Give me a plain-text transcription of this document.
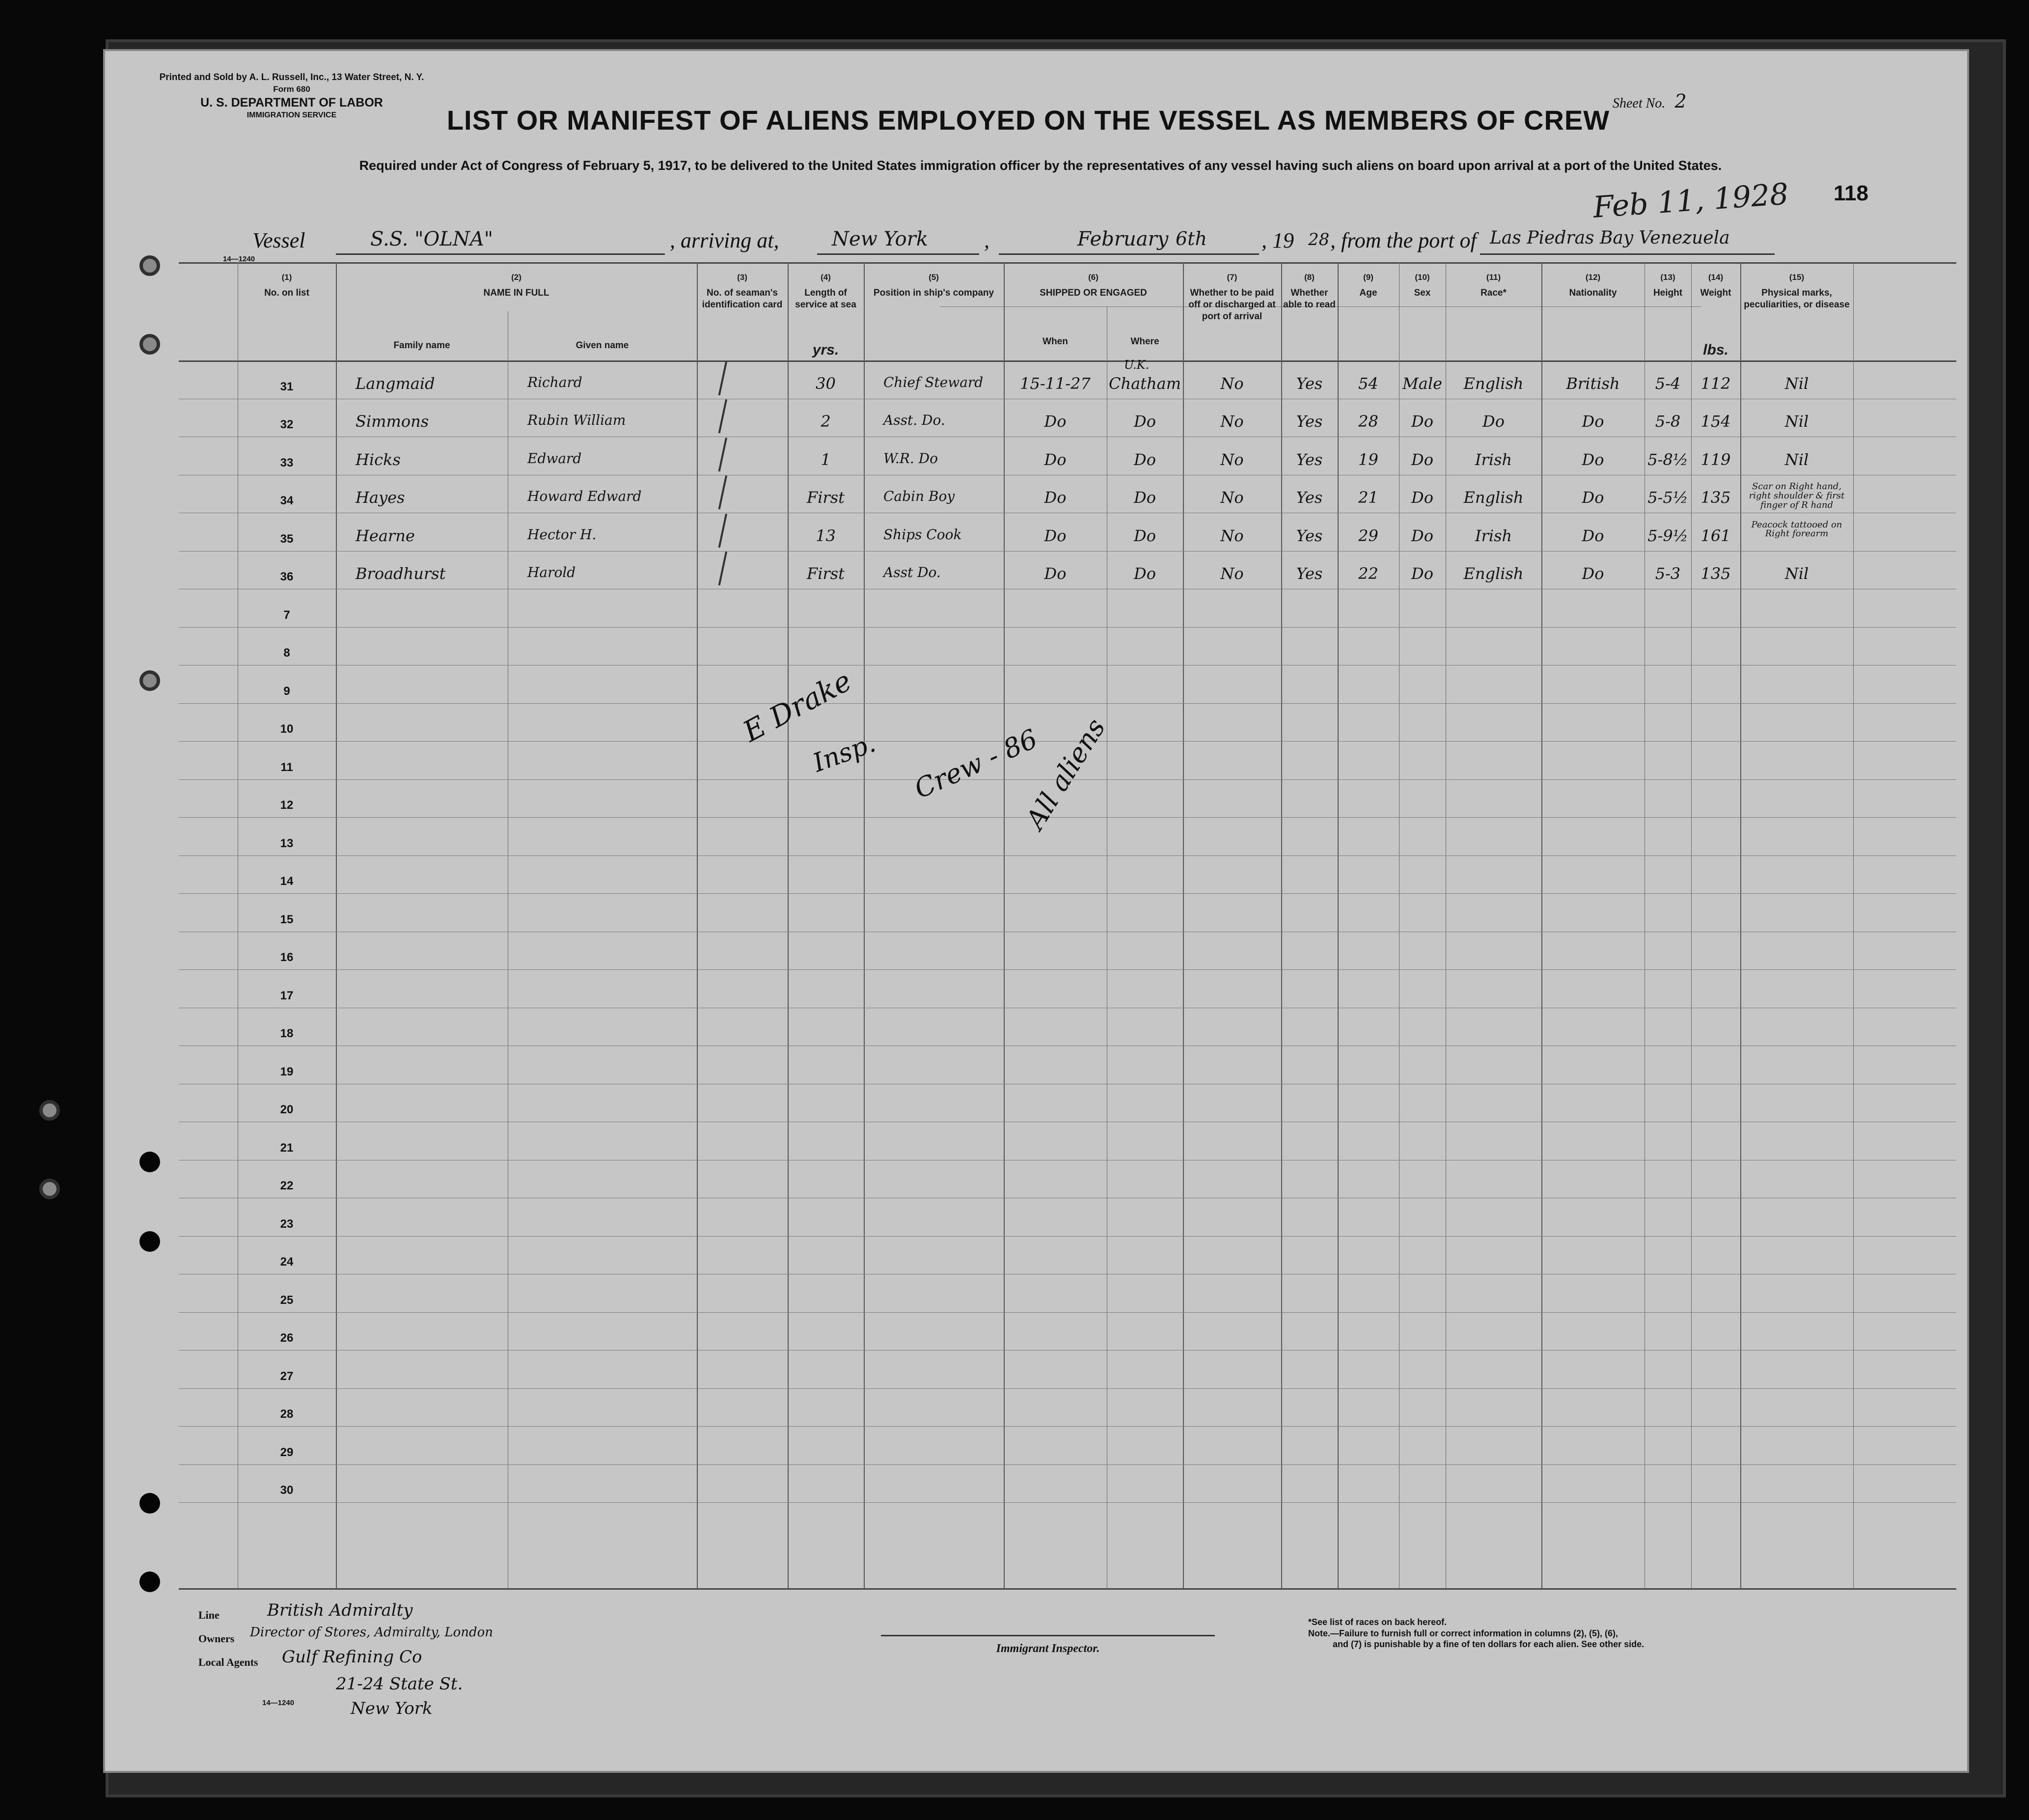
Printed and Sold by A. L. Russell, Inc., 13 Water Street, N. Y.
Form 680
U. S. DEPARTMENT OF LABOR
IMMIGRATION SERVICE
Sheet No. 2
LIST OR MANIFEST OF ALIENS EMPLOYED ON THE VESSEL AS MEMBERS OF CREW
Required under Act of Congress of February 5, 1917, to be delivered to the United States immigration officer by the representatives of any vessel having such aliens on board upon arrival at a port of the United States.
Feb 11, 1928 118
Vessel	S.S. "OLNA"	, arriving at,	New York	,	February 6th	, 19 28 , from the port of Las Piedras Bay Venezuela
14—1240
(1)
No. on list
(2)
NAME IN FULL
Family name	Given name
(3)
No. of seaman's identification card
(4)
Length of service at sea
yrs.
(5)
Position in ship's company
(6)
SHIPPED OR ENGAGED
When	Where
(7)
Whether to be paid off or discharged at port of arrival
(8)
Whether able to read
(9)
Age
(10)
Sex
(11)
Race*
(12)
Nationality
(13)
Height
(14)
Weight
lbs.
(15)
Physical marks, peculiarities, or disease
31	Langmaid	Richard	30	Chief Steward	15-11-27	Chatham	No	Yes	54	Male	English	British	5-4	112	Nil
32	Simmons	Rubin William	2	Asst. Do.	Do	Do	No	Yes	28	Do	Do	Do	5-8	154	Nil
33	Hicks	Edward	1	W.R. Do	Do	Do	No	Yes	19	Do	Irish	Do	5-8½ 119	Nil
34	Hayes	Howard Edward	First	Cabin Boy	Do	Do	No	Yes	21	Do	English	Do	5-5½ 135
Scar on Right hand, right shoulder & first finger of R hand
35	Hearne	Hector H.	13	Ships Cook	Do	Do	No	Yes	29	Do	Irish	Do	5-9½ 161
Peacock tattooed on Right forearm
36	Broadhurst	Harold	First	Asst Do.	Do	Do	No	Yes	22	Do	English	Do	5-3	135	Nil
7
8
9
10
11
12
13
14
15
16
17
18
19
20
21
22
23
24
25
26
27
28
29
30
E Drake
Insp. Crew - 86
All aliens
U.K.
Line	British Admiralty
Owners Director of Stores, Admiralty, London
Local Agents Gulf Refining Co
21-24 State St.
New York
Immigrant Inspector.
*See list of races on back hereof.
Note.—Failure to furnish full or correct information in columns (2), (5), (6),
and (7) is punishable by a fine of ten dollars for each alien. See other side.
14—1240
